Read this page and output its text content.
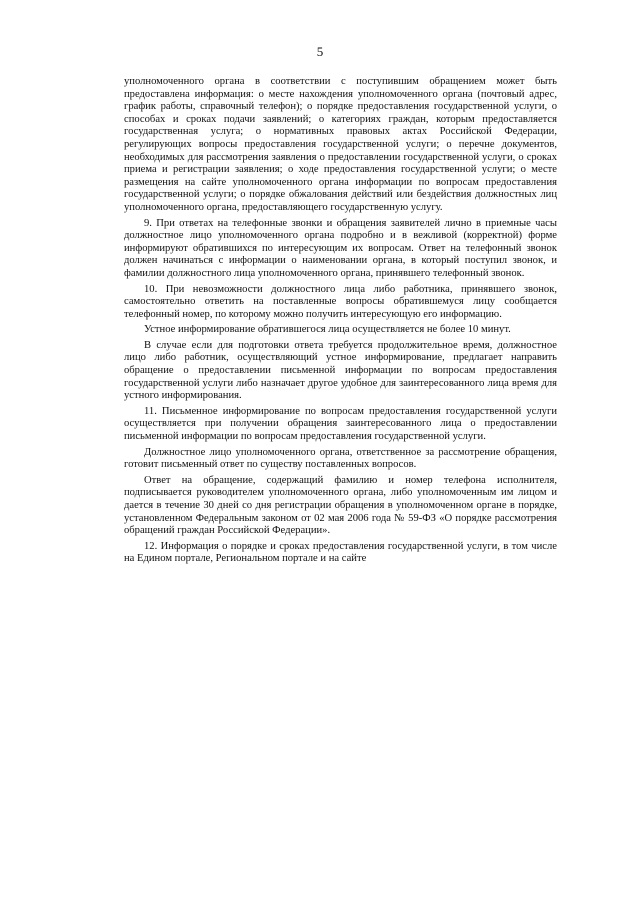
5

уполномоченного органа в соответствии с поступившим обращением может быть предоставлена информация: о месте нахождения уполномоченного органа (почтовый адрес, график работы, справочный телефон); о порядке предоставления государственной услуги, о способах и сроках подачи заявлений; о категориях граждан, которым предоставляется государственная услуга; о нормативных правовых актах Российской Федерации, регулирующих вопросы предоставления государственной услуги; о перечне документов, необходимых для рассмотрения заявления о предоставлении государственной услуги, о сроках приема и регистрации заявления; о ходе предоставления государственной услуги; о месте размещения на сайте уполномоченного органа информации по вопросам предоставления государственной услуги; о порядке обжалования действий или бездействия должностных лиц уполномоченного органа, предоставляющего государственную услугу.

9. При ответах на телефонные звонки и обращения заявителей лично в приемные часы должностное лицо уполномоченного органа подробно и в вежливой (корректной) форме информируют обратившихся по интересующим их вопросам. Ответ на телефонный звонок должен начинаться с информации о наименовании органа, в который поступил звонок, и фамилии должностного лица уполномоченного органа, принявшего телефонный звонок.

10. При невозможности должностного лица либо работника, принявшего звонок, самостоятельно ответить на поставленные вопросы обратившемуся лицу сообщается телефонный номер, по которому можно получить интересующую его информацию.

Устное информирование обратившегося лица осуществляется не более 10 минут.

В случае если для подготовки ответа требуется продолжительное время, должностное лицо либо работник, осуществляющий устное информирование, предлагает направить обращение о предоставлении письменной информации по вопросам предоставления государственной услуги либо назначает другое удобное для заинтересованного лица время для устного информирования.

11. Письменное информирование по вопросам предоставления государственной услуги осуществляется при получении обращения заинтересованного лица о предоставлении письменной информации по вопросам предоставления государственной услуги.

Должностное лицо уполномоченного органа, ответственное за рассмотрение обращения, готовит письменный ответ по существу поставленных вопросов.

Ответ на обращение, содержащий фамилию и номер телефона исполнителя, подписывается руководителем уполномоченного органа, либо уполномоченным им лицом и дается в течение 30 дней со дня регистрации обращения в уполномоченном органе в порядке, установленном Федеральным законом от 02 мая 2006 года № 59-ФЗ «О порядке рассмотрения обращений граждан Российской Федерации».

12. Информация о порядке и сроках предоставления государственной услуги, в том числе на Едином портале, Региональном портале и на сайте
